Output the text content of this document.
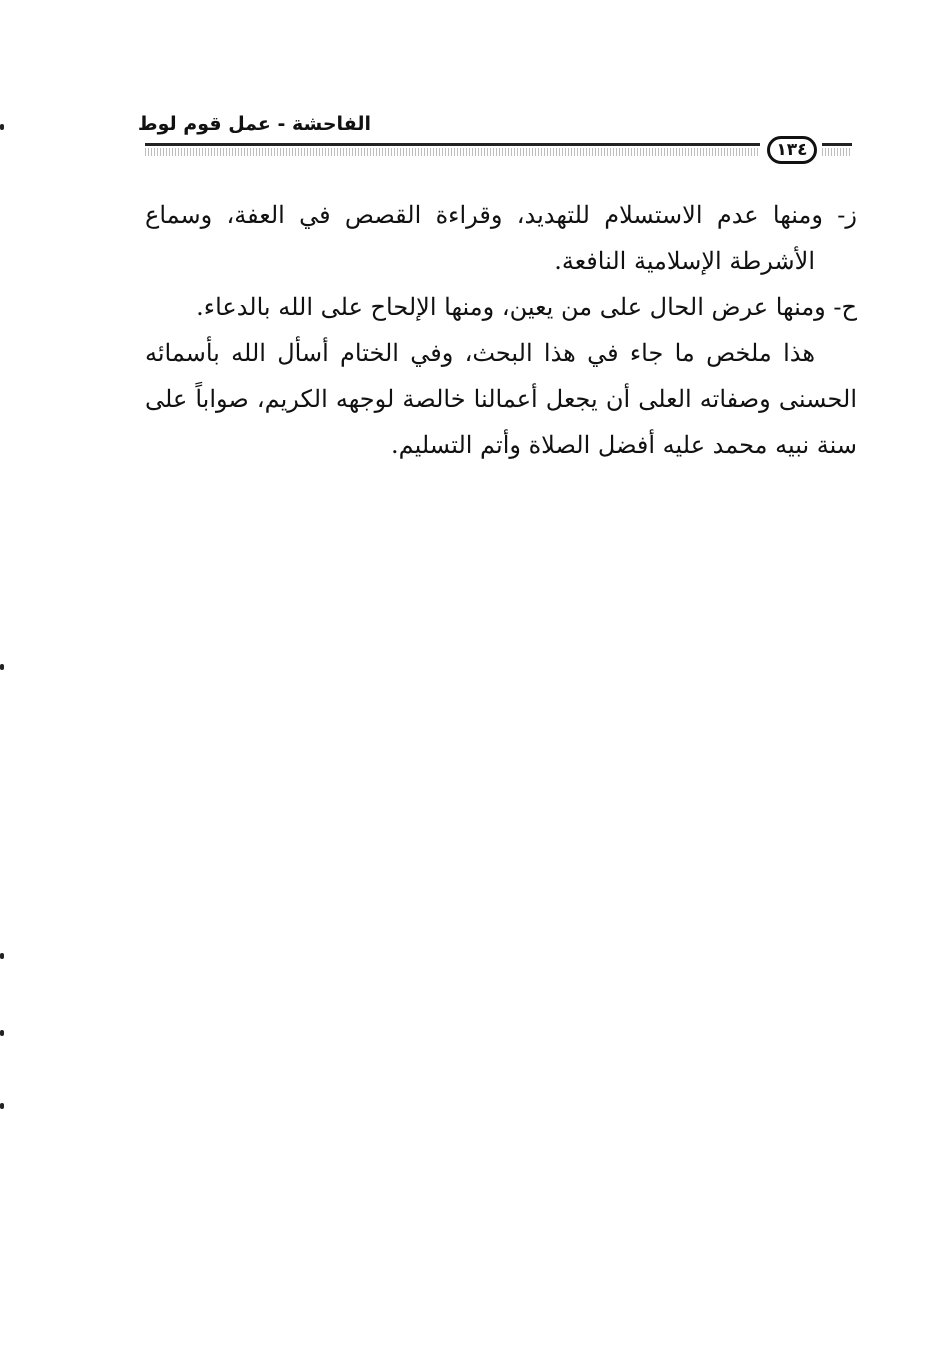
الفاحشة - عمل قوم لوط
١٣٤

ز- ومنها عدم الاستسلام للتهديد، وقراءة القصص في العفة، وسماع الأشرطة الإسلامية النافعة.

ح- ومنها عرض الحال على من يعين، ومنها الإلحاح على الله بالدعاء.

هذا ملخص ما جاء في هذا البحث، وفي الختام أسأل الله بأسمائه الحسنى وصفاته العلى أن يجعل أعمالنا خالصة لوجهه الكريم، صواباً على سنة نبيه محمد عليه أفضل الصلاة وأتم التسليم.
